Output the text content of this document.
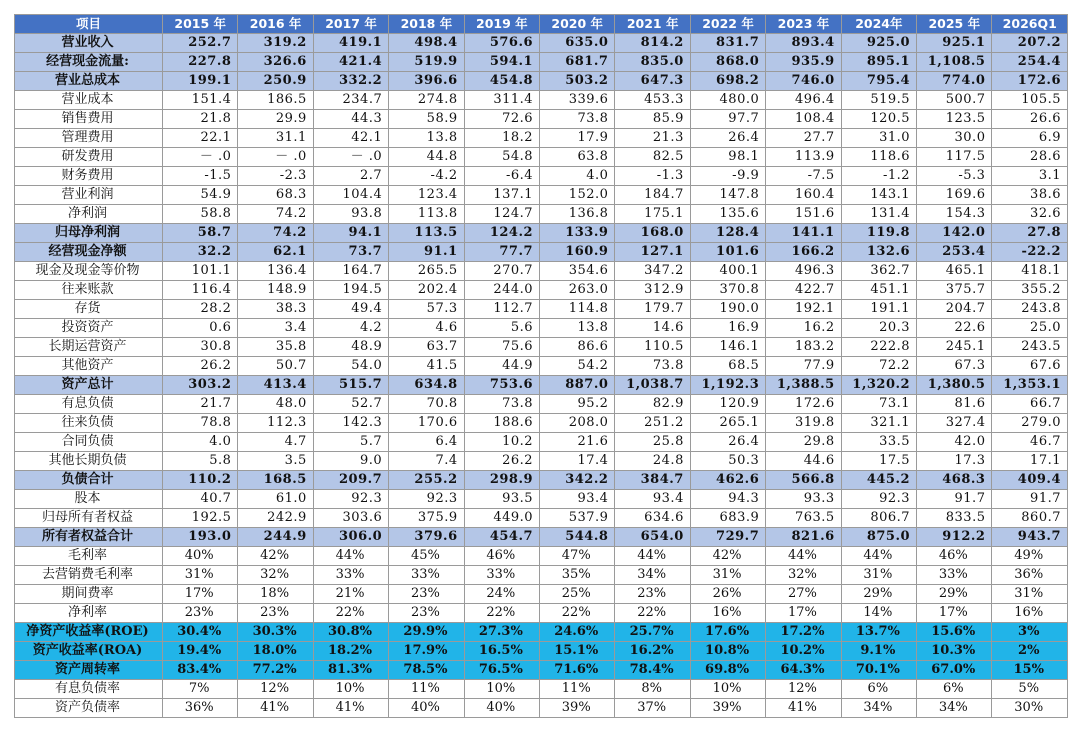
项目	2015 年	2016 年	2017 年	2018 年	2019 年	2020 年	2021 年	2022 年	2023 年	2024年	2025 年	2026Q1
营业收入	252.7	319.2	419.1	498.4	576.6	635.0	814.2	831.7	893.4	925.0	925.1	207.2
经营现金流量:	227.8	326.6	421.4	519.9	594.1	681.7	835.0	868.0	935.9	895.1	1,108.5	254.4
营业总成本	199.1	250.9	332.2	396.6	454.8	503.2	647.3	698.2	746.0	795.4	774.0	172.6
营业成本	151.4	186.5	234.7	274.8	311.4	339.6	453.3	480.0	496.4	519.5	500.7	105.5
销售费用	21.8	29.9	44.3	58.9	72.6	73.8	85.9	97.7	108.4	120.5	123.5	26.6
管理费用	22.1	31.1	42.1	13.8	18.2	17.9	21.3	26.4	27.7	31.0	30.0	6.9
研发费用	－ .0	－ .0	－ .0	44.8	54.8	63.8	82.5	98.1	113.9	118.6	117.5	28.6
财务费用	-1.5	-2.3	2.7	-4.2	-6.4	4.0	-1.3	-9.9	-7.5	-1.2	-5.3	3.1
营业利润	54.9	68.3	104.4	123.4	137.1	152.0	184.7	147.8	160.4	143.1	169.6	38.6
净利润	58.8	74.2	93.8	113.8	124.7	136.8	175.1	135.6	151.6	131.4	154.3	32.6
归母净利润	58.7	74.2	94.1	113.5	124.2	133.9	168.0	128.4	141.1	119.8	142.0	27.8
经营现金净额	32.2	62.1	73.7	91.1	77.7	160.9	127.1	101.6	166.2	132.6	253.4	-22.2
现金及现金等价物	101.1	136.4	164.7	265.5	270.7	354.6	347.2	400.1	496.3	362.7	465.1	418.1
往来账款	116.4	148.9	194.5	202.4	244.0	263.0	312.9	370.8	422.7	451.1	375.7	355.2
存货	28.2	38.3	49.4	57.3	112.7	114.8	179.7	190.0	192.1	191.1	204.7	243.8
投资资产	0.6	3.4	4.2	4.6	5.6	13.8	14.6	16.9	16.2	20.3	22.6	25.0
长期运营资产	30.8	35.8	48.9	63.7	75.6	86.6	110.5	146.1	183.2	222.8	245.1	243.5
其他资产	26.2	50.7	54.0	41.5	44.9	54.2	73.8	68.5	77.9	72.2	67.3	67.6
资产总计	303.2	413.4	515.7	634.8	753.6	887.0	1,038.7	1,192.3	1,388.5	1,320.2	1,380.5	1,353.1
有息负债	21.7	48.0	52.7	70.8	73.8	95.2	82.9	120.9	172.6	73.1	81.6	66.7
往来负债	78.8	112.3	142.3	170.6	188.6	208.0	251.2	265.1	319.8	321.1	327.4	279.0
合同负债	4.0	4.7	5.7	6.4	10.2	21.6	25.8	26.4	29.8	33.5	42.0	46.7
其他长期负债	5.8	3.5	9.0	7.4	26.2	17.4	24.8	50.3	44.6	17.5	17.3	17.1
负债合计	110.2	168.5	209.7	255.2	298.9	342.2	384.7	462.6	566.8	445.2	468.3	409.4
股本	40.7	61.0	92.3	92.3	93.5	93.4	93.4	94.3	93.3	92.3	91.7	91.7
归母所有者权益	192.5	242.9	303.6	375.9	449.0	537.9	634.6	683.9	763.5	806.7	833.5	860.7
所有者权益合计	193.0	244.9	306.0	379.6	454.7	544.8	654.0	729.7	821.6	875.0	912.2	943.7
毛利率	40%	42%	44%	45%	46%	47%	44%	42%	44%	44%	46%	49%
去营销费毛利率	31%	32%	33%	33%	33%	35%	34%	31%	32%	31%	33%	36%
期间费率	17%	18%	21%	23%	24%	25%	23%	26%	27%	29%	29%	31%
净利率	23%	23%	22%	23%	22%	22%	22%	16%	17%	14%	17%	16%
净资产收益率(ROE)	30.4%	30.3%	30.8%	29.9%	27.3%	24.6%	25.7%	17.6%	17.2%	13.7%	15.6%	3%
资产收益率(ROA)	19.4%	18.0%	18.2%	17.9%	16.5%	15.1%	16.2%	10.8%	10.2%	9.1%	10.3%	2%
资产周转率	83.4%	77.2%	81.3%	78.5%	76.5%	71.6%	78.4%	69.8%	64.3%	70.1%	67.0%	15%
有息负债率	7%	12%	10%	11%	10%	11%	8%	10%	12%	6%	6%	5%
资产负债率	36%	41%	41%	40%	40%	39%	37%	39%	41%	34%	34%	30%
